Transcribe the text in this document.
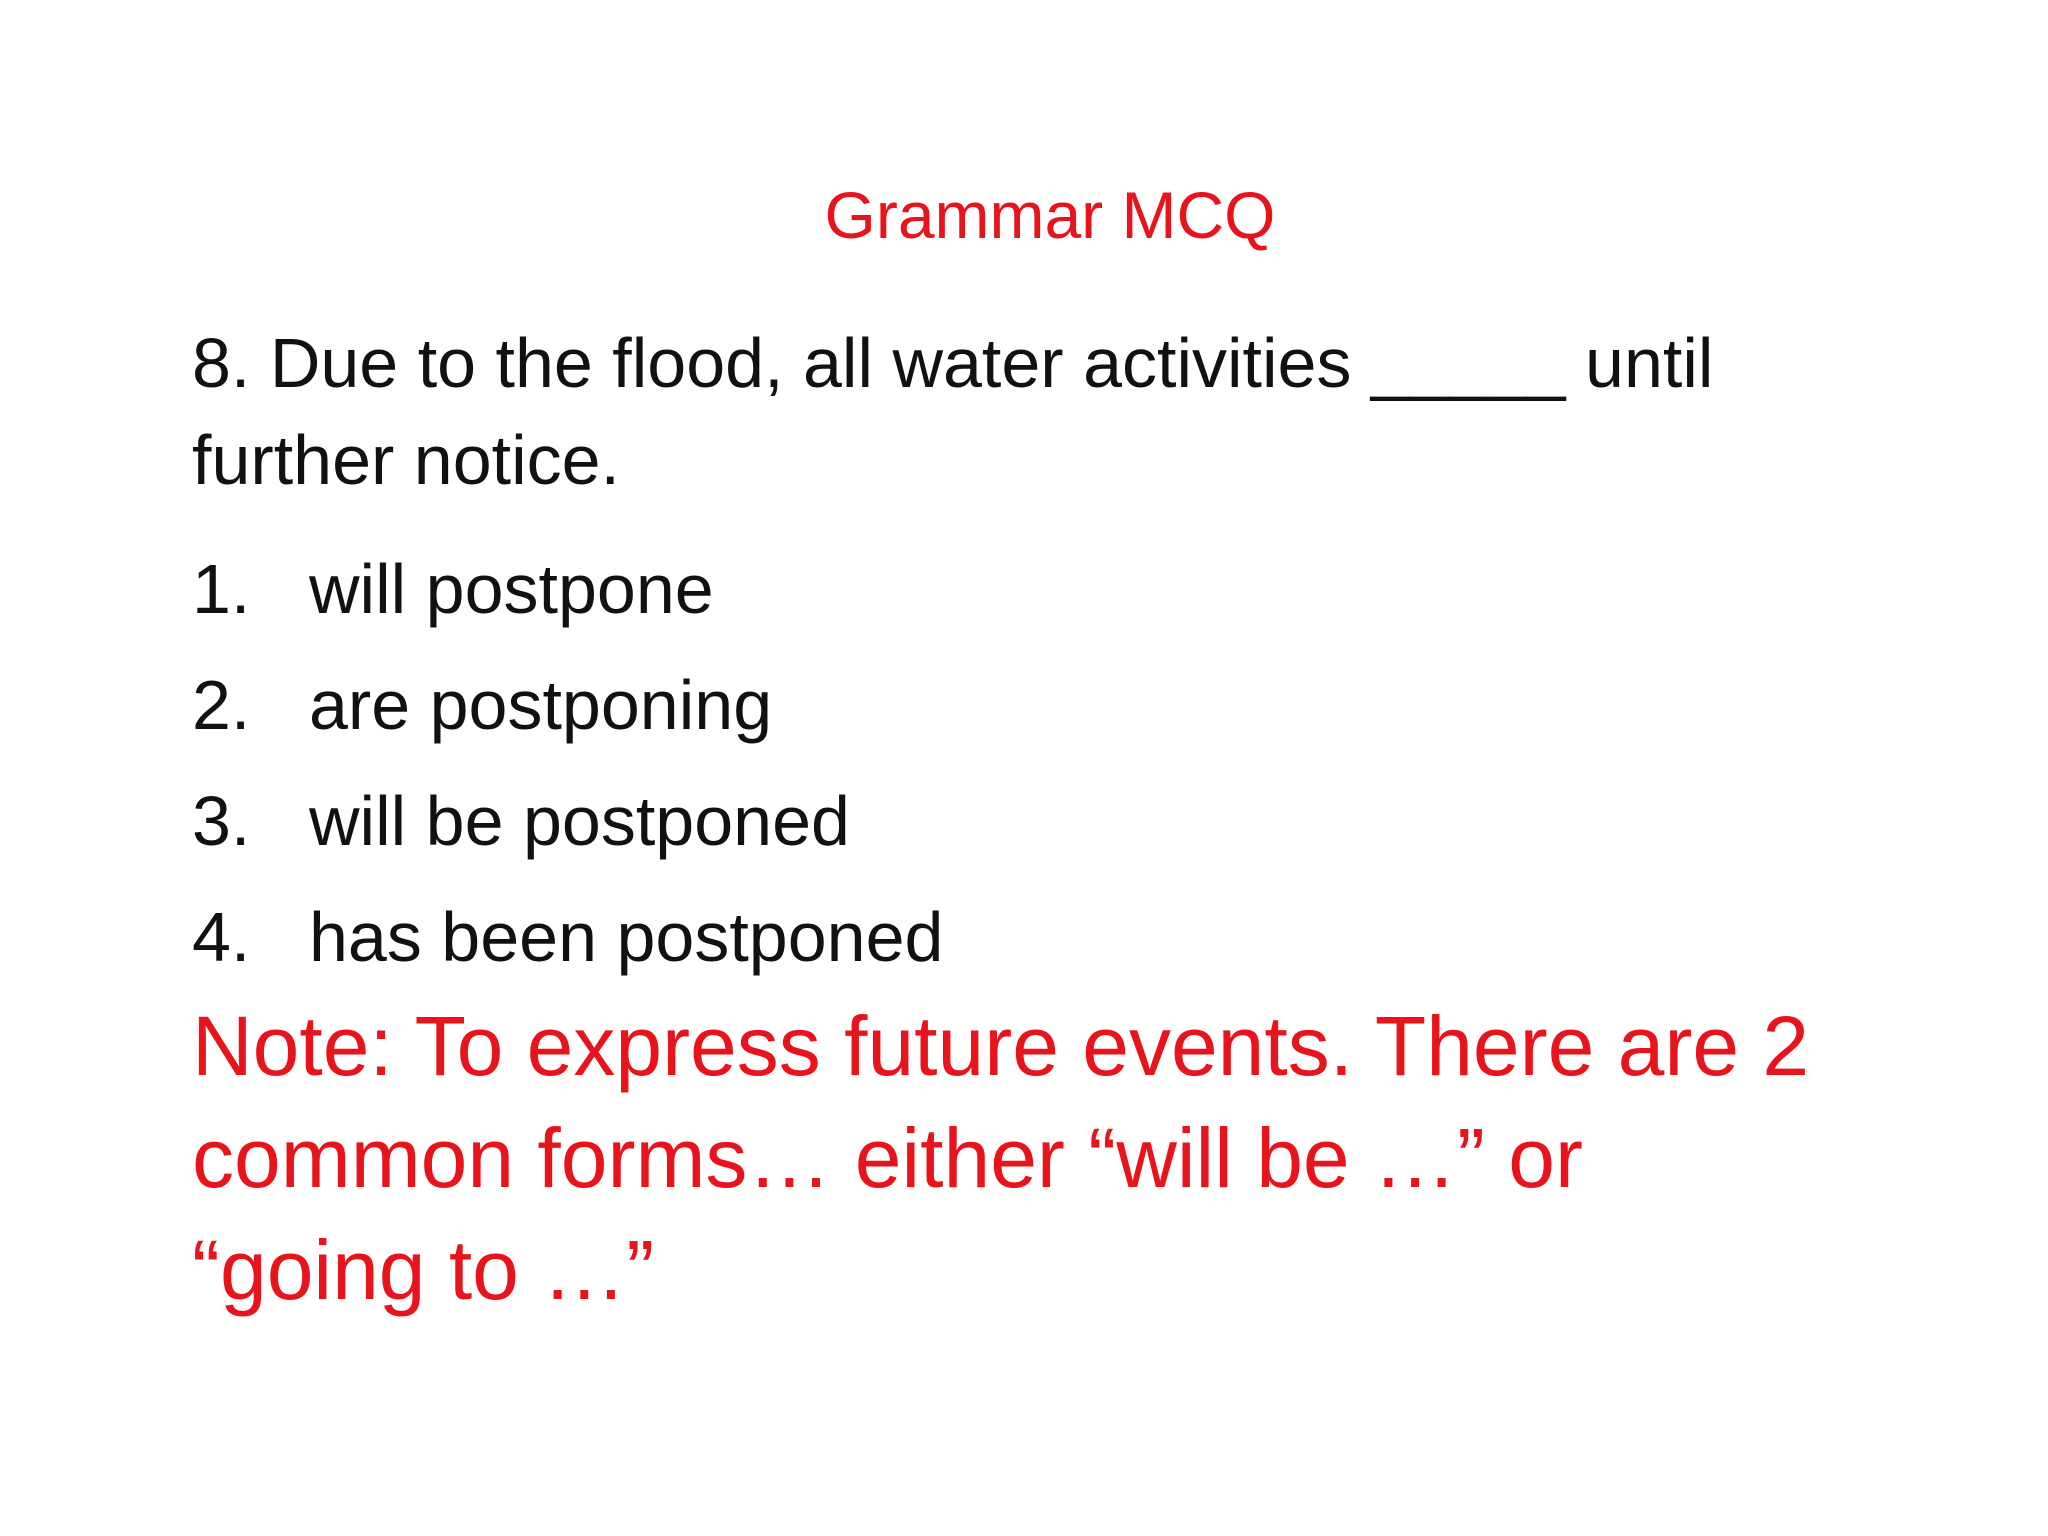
Grammar MCQ
8. Due to the flood, all water activities _____ until further notice.
1. will postpone
2. are postponing
3. will be postponed
4. has been postponed
Note: To express future events. There are 2 common forms… either “will be …” or “going to …”
